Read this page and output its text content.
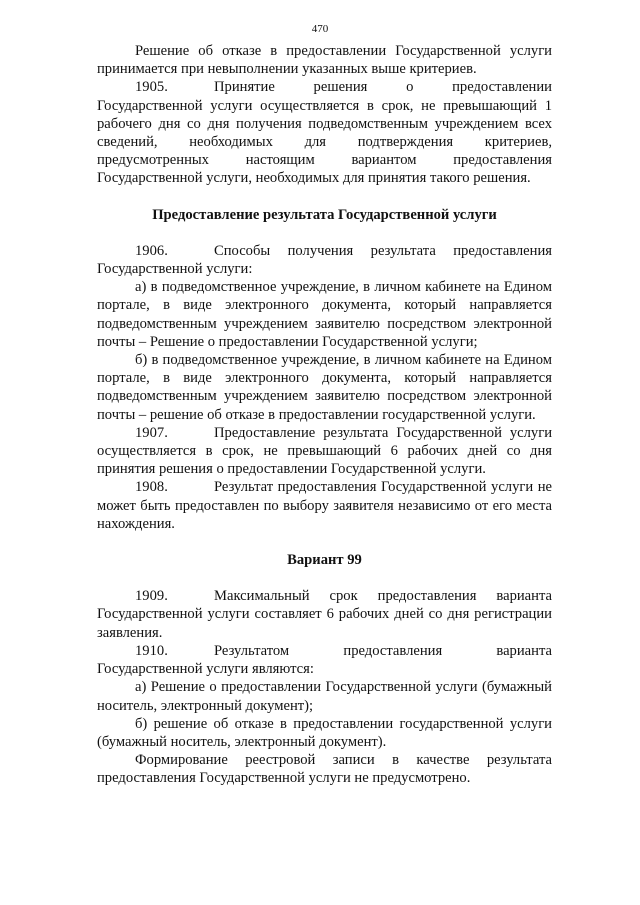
470

Решение об отказе в предоставлении Государственной услуги принимается при невыполнении указанных выше критериев.

1905.	Принятие решения о предоставлении Государственной услуги осуществляется в срок, не превышающий 1 рабочего дня со дня получения подведомственным учреждением всех сведений, необходимых для подтверждения критериев, предусмотренных настоящим вариантом предоставления Государственной услуги, необходимых для принятия такого решения.

Предоставление результата Государственной услуги

1906.	Способы получения результата предоставления Государственной услуги:

а) в подведомственное учреждение, в личном кабинете на Едином портале, в виде электронного документа, который направляется подведомственным учреждением заявителю посредством электронной почты – Решение о предоставлении Государственной услуги;

б) в подведомственное учреждение, в личном кабинете на Едином портале, в виде электронного документа, который направляется подведомственным учреждением заявителю посредством электронной почты – решение об отказе в предоставлении государственной услуги.

1907.	Предоставление результата Государственной услуги осуществляется в срок, не превышающий 6 рабочих дней со дня принятия решения о предоставлении Государственной услуги.

1908.	Результат предоставления Государственной услуги не может быть предоставлен по выбору заявителя независимо от его места нахождения.

Вариант 99

1909.	Максимальный срок предоставления варианта Государственной услуги составляет 6 рабочих дней со дня регистрации заявления.

1910.	Результатом предоставления варианта Государственной услуги являются:

а) Решение о предоставлении Государственной услуги (бумажный носитель, электронный документ);

б) решение об отказе в предоставлении государственной услуги (бумажный носитель, электронный документ).

Формирование реестровой записи в качестве результата предоставления Государственной услуги не предусмотрено.
